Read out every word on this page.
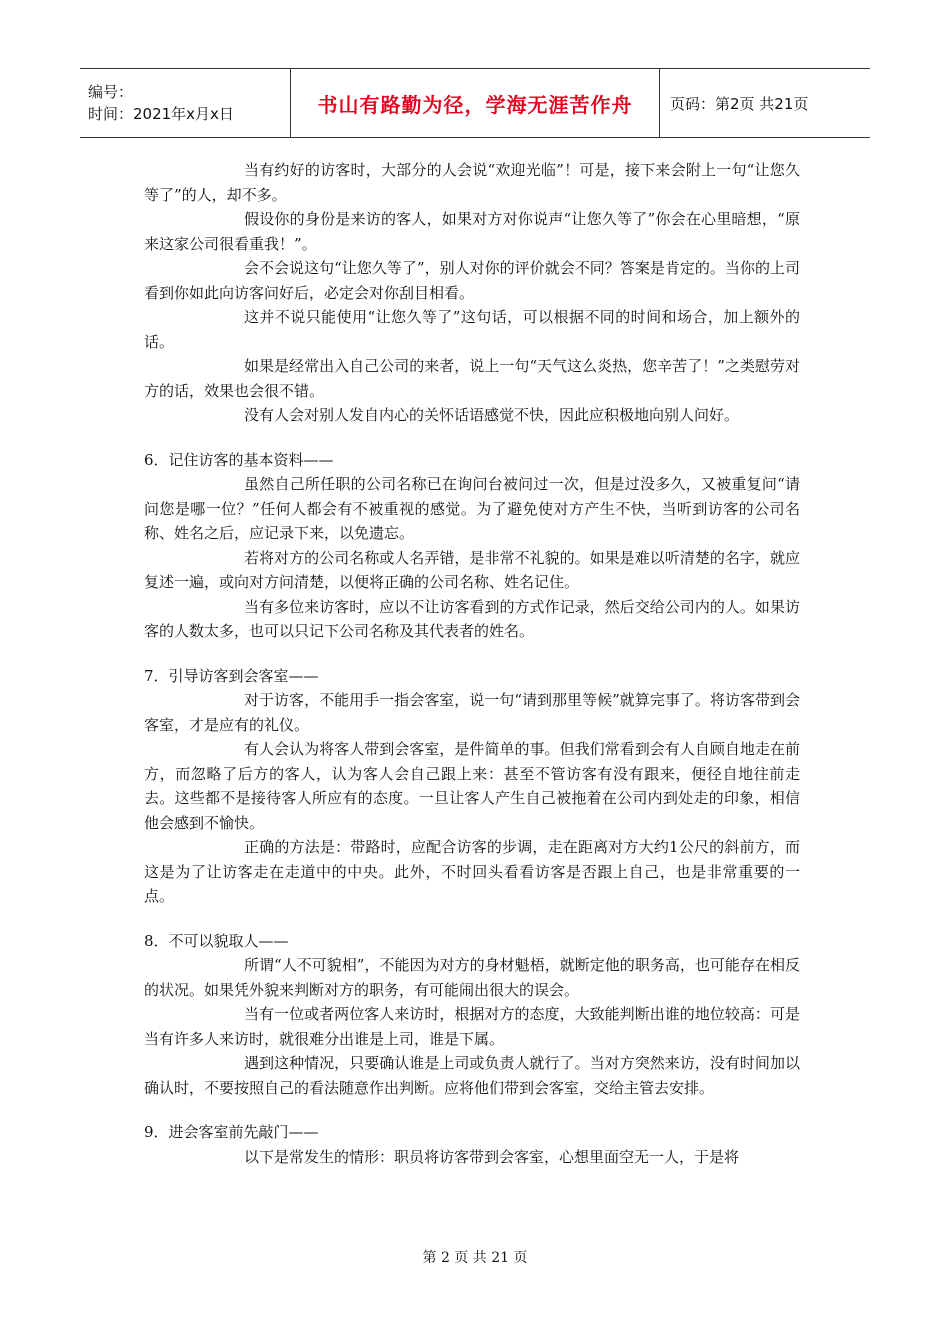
编号：
时间：2021年x月x日	书山有路勤为径，学海无涯苦作舟	页码：第2页 共21页

当有约好的访客时，大部分的人会说“欢迎光临”！可是，接下来会附上一句“让您久等了”的人，却不多。

假设你的身份是来访的客人，如果对方对你说声“让您久等了”你会在心里暗想，“原来这家公司很看重我！”。

会不会说这句“让您久等了”，别人对你的评价就会不同？答案是肯定的。当你的上司看到你如此向访客问好后，必定会对你刮目相看。

这并不说只能使用“让您久等了”这句话，可以根据不同的时间和场合，加上额外的话。

如果是经常出入自己公司的来者，说上一句“天气这么炎热，您辛苦了！”之类慰劳对方的话，效果也会很不错。

没有人会对别人发自内心的关怀话语感觉不快，因此应积极地向别人问好。

6．记住访客的基本资料——

虽然自己所任职的公司名称已在询问台被问过一次，但是过没多久，又被重复问“请问您是哪一位？”任何人都会有不被重视的感觉。为了避免使对方产生不快，当听到访客的公司名称、姓名之后，应记录下来，以免遗忘。

若将对方的公司名称或人名弄错，是非常不礼貌的。如果是难以听清楚的名字，就应复述一遍，或向对方问清楚，以便将正确的公司名称、姓名记住。

当有多位来访客时，应以不让访客看到的方式作记录，然后交给公司内的人。如果访客的人数太多，也可以只记下公司名称及其代表者的姓名。

7．引导访客到会客室——

对于访客，不能用手一指会客室，说一句“请到那里等候”就算完事了。将访客带到会客室，才是应有的礼仪。

有人会认为将客人带到会客室，是件简单的事。但我们常看到会有人自顾自地走在前方，而忽略了后方的客人，认为客人会自己跟上来：甚至不管访客有没有跟来，便径自地往前走去。这些都不是接待客人所应有的态度。一旦让客人产生自己被拖着在公司内到处走的印象，相信他会感到不愉快。

正确的方法是：带路时，应配合访客的步调，走在距离对方大约1公尺的斜前方，而这是为了让访客走在走道中的中央。此外，不时回头看看访客是否跟上自己，也是非常重要的一点。

8．不可以貌取人——

所谓“人不可貌相”，不能因为对方的身材魁梧，就断定他的职务高，也可能存在相反的状况。如果凭外貌来判断对方的职务，有可能闹出很大的误会。

当有一位或者两位客人来访时，根据对方的态度，大致能判断出谁的地位较高：可是当有许多人来访时，就很难分出谁是上司，谁是下属。

遇到这种情况，只要确认谁是上司或负责人就行了。当对方突然来访，没有时间加以确认时，不要按照自己的看法随意作出判断。应将他们带到会客室，交给主管去安排。

9．进会客室前先敲门——

以下是常发生的情形：职员将访客带到会客室，心想里面空无一人，于是将

第 2 页 共 21 页
